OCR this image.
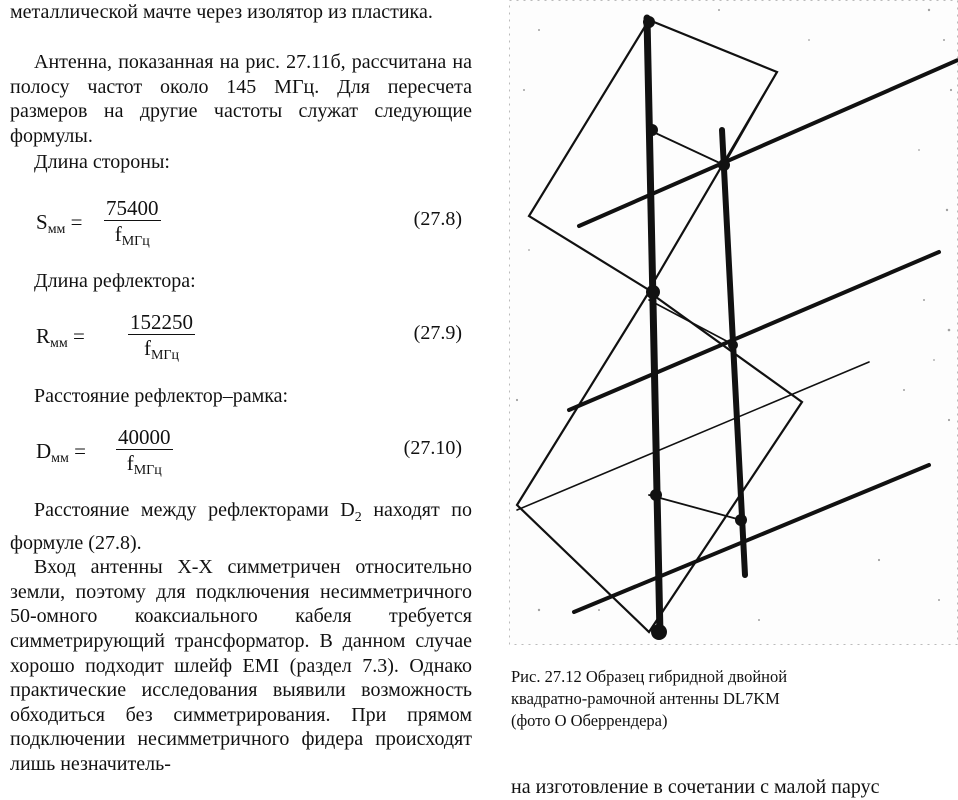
металлической мачте через изолятор из пластика.

Антенна, показанная на рис. 27.11б, рассчитана на полосу частот около 145 МГц. Для пересчета размеров на другие частоты служат следующие формулы.

Длина стороны:
$S_{мм}$ =
75400
$f_{МГц}$
(27.8)
Длина рефлектора:
$R_{мм}$ =
152250
$f_{МГц}$
(27.9)
Расстояние рефлектор–рамка:
$D_{мм}$ =
40000
$f_{МГц}$
(27.10)

Расстояние между рефлекторами $D_2$ находят по формуле (27.8).

Вход антенны X-X симметричен относительно земли, поэтому для подключения несимметричного 50-омного коаксиального кабеля требуется симметрирующий трансформатор. В данном случае хорошо подходит шлейф EMI (раздел 7.3). Однако практические исследования выявили возможность обходиться без симметрирования. При прямом подключении несимметричного фидера происходят лишь незначитель-

Рис. 27.12 Образец гибридной двойной
квадратно-рамочной антенны DL7KM
(фото О Оберрендера)
на изготовление в сочетании с малой парус
